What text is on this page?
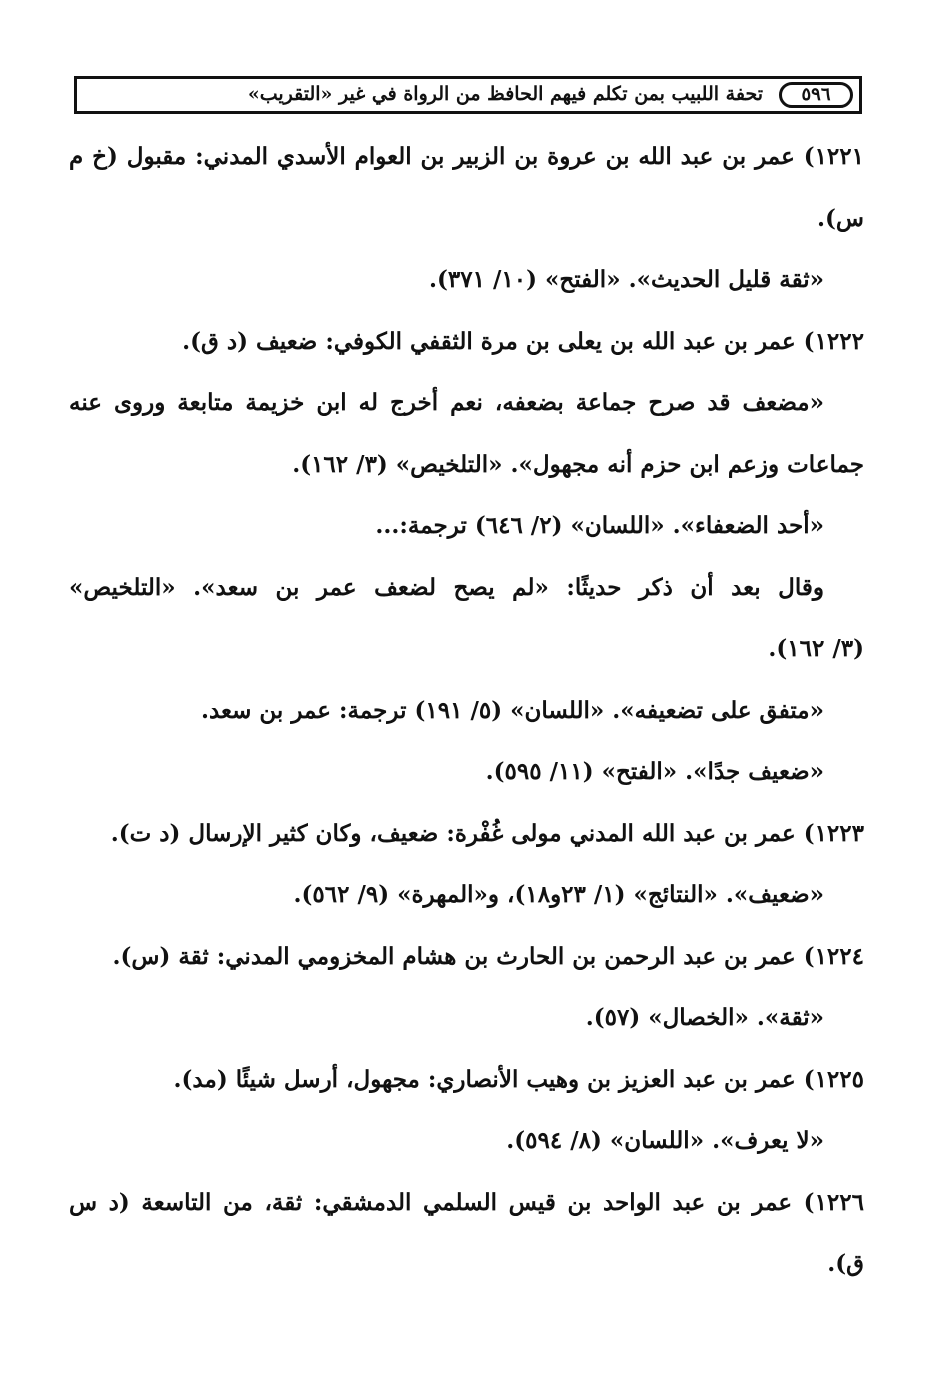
٥٩٦
تحفة اللبيب بمن تكلم فيهم الحافظ من الرواة في غير «التقريب»
١٢٢١) عمر بن عبد الله بن عروة بن الزبير بن العوام الأسدي المدني: مقبول (خ م
س).
«ثقة قليل الحديث». «الفتح» (١٠/ ٣٧١).
١٢٢٢) عمر بن عبد الله بن يعلى بن مرة الثقفي الكوفي: ضعيف (د ق).
«مضعف قد صرح جماعة بضعفه، نعم أخرج له ابن خزيمة متابعة وروى عنه
جماعات وزعم ابن حزم أنه مجهول». «التلخيص» (٣/ ١٦٢).
«أحد الضعفاء». «اللسان» (٢/ ٦٤٦) ترجمة:...
وقال بعد أن ذكر حديثًا: «لم يصح لضعف عمر بن سعد». «التلخيص»
(٣/ ١٦٢).
«متفق على تضعيفه». «اللسان» (٥/ ١٩١) ترجمة: عمر بن سعد.
«ضعيف جدًا». «الفتح» (١١/ ٥٩٥).
١٢٢٣) عمر بن عبد الله المدني مولى غُفْرة: ضعيف، وكان كثير الإرسال (د ت).
«ضعيف». «النتائج» (١/ ٢٣و١٨)، و«المهرة» (٩/ ٥٦٢).
١٢٢٤) عمر بن عبد الرحمن بن الحارث بن هشام المخزومي المدني: ثقة (س).
«ثقة». «الخصال» (٥٧).
١٢٢٥) عمر بن عبد العزيز بن وهيب الأنصاري: مجهول، أرسل شيئًا (مد).
«لا يعرف». «اللسان» (٨/ ٥٩٤).
١٢٢٦) عمر بن عبد الواحد بن قيس السلمي الدمشقي: ثقة، من التاسعة (د س
ق).
